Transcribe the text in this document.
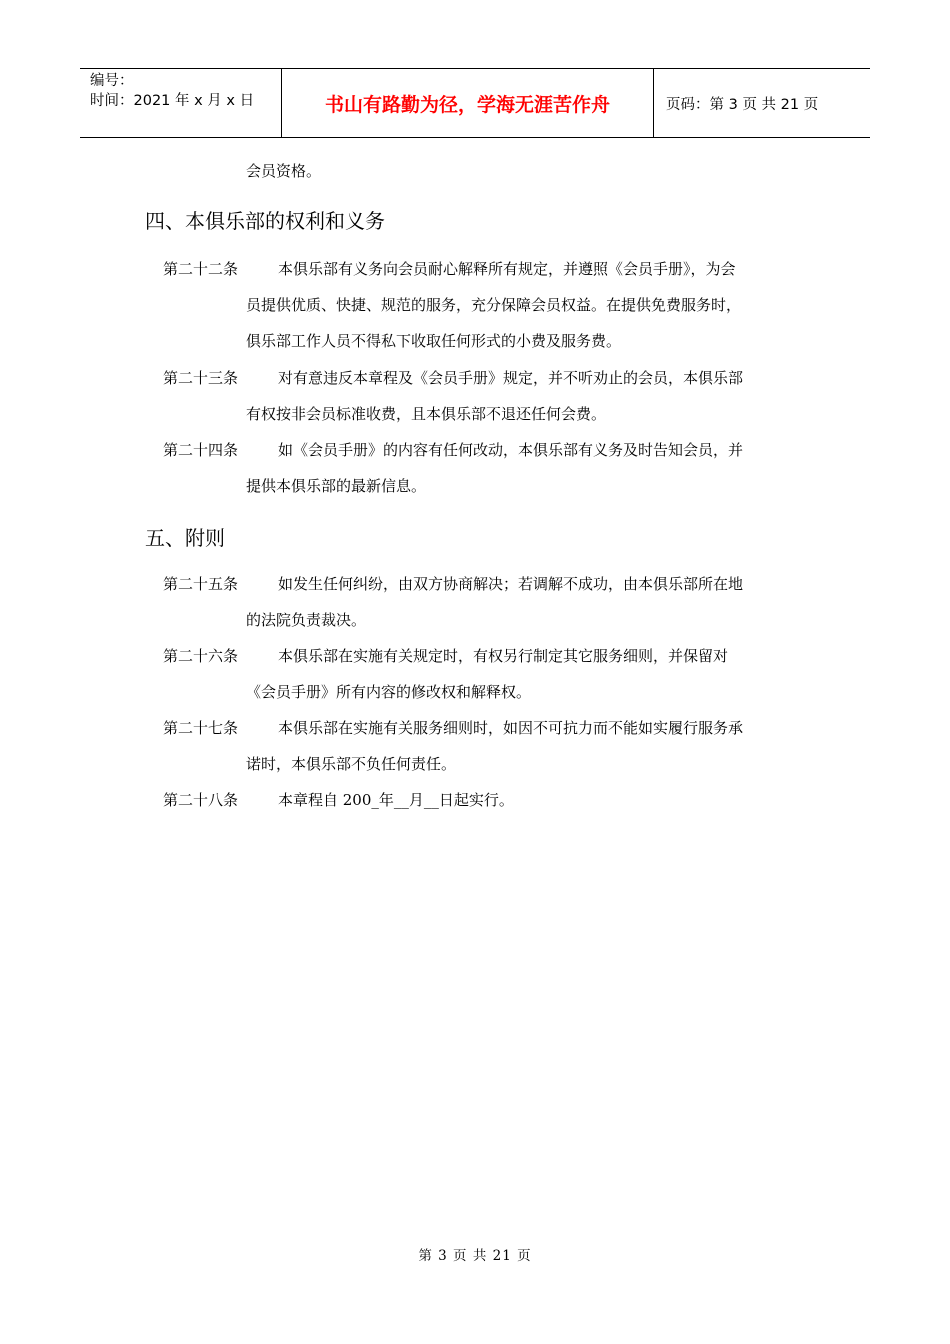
编号：
时间：2021 年 x 月 x 日	书山有路勤为径，学海无涯苦作舟	页码：第 3 页 共 21 页
会员资格。
四、本俱乐部的权利和义务
第二十二条	本俱乐部有义务向会员耐心解释所有规定，并遵照《会员手册》，为会
员提供优质、快捷、规范的服务，充分保障会员权益。在提供免费服务时，
俱乐部工作人员不得私下收取任何形式的小费及服务费。
第二十三条	对有意违反本章程及《会员手册》规定，并不听劝止的会员，本俱乐部
有权按非会员标准收费，且本俱乐部不退还任何会费。
第二十四条	如《会员手册》的内容有任何改动，本俱乐部有义务及时告知会员，并
提供本俱乐部的最新信息。
五、附则
第二十五条	如发生任何纠纷，由双方协商解决；若调解不成功，由本俱乐部所在地
的法院负责裁决。
第二十六条	本俱乐部在实施有关规定时，有权另行制定其它服务细则，并保留对
《会员手册》所有内容的修改权和解释权。
第二十七条	本俱乐部在实施有关服务细则时，如因不可抗力而不能如实履行服务承
诺时，本俱乐部不负任何责任。
第二十八条	本章程自 200_年__月__日起实行。
第 3 页 共 21 页
